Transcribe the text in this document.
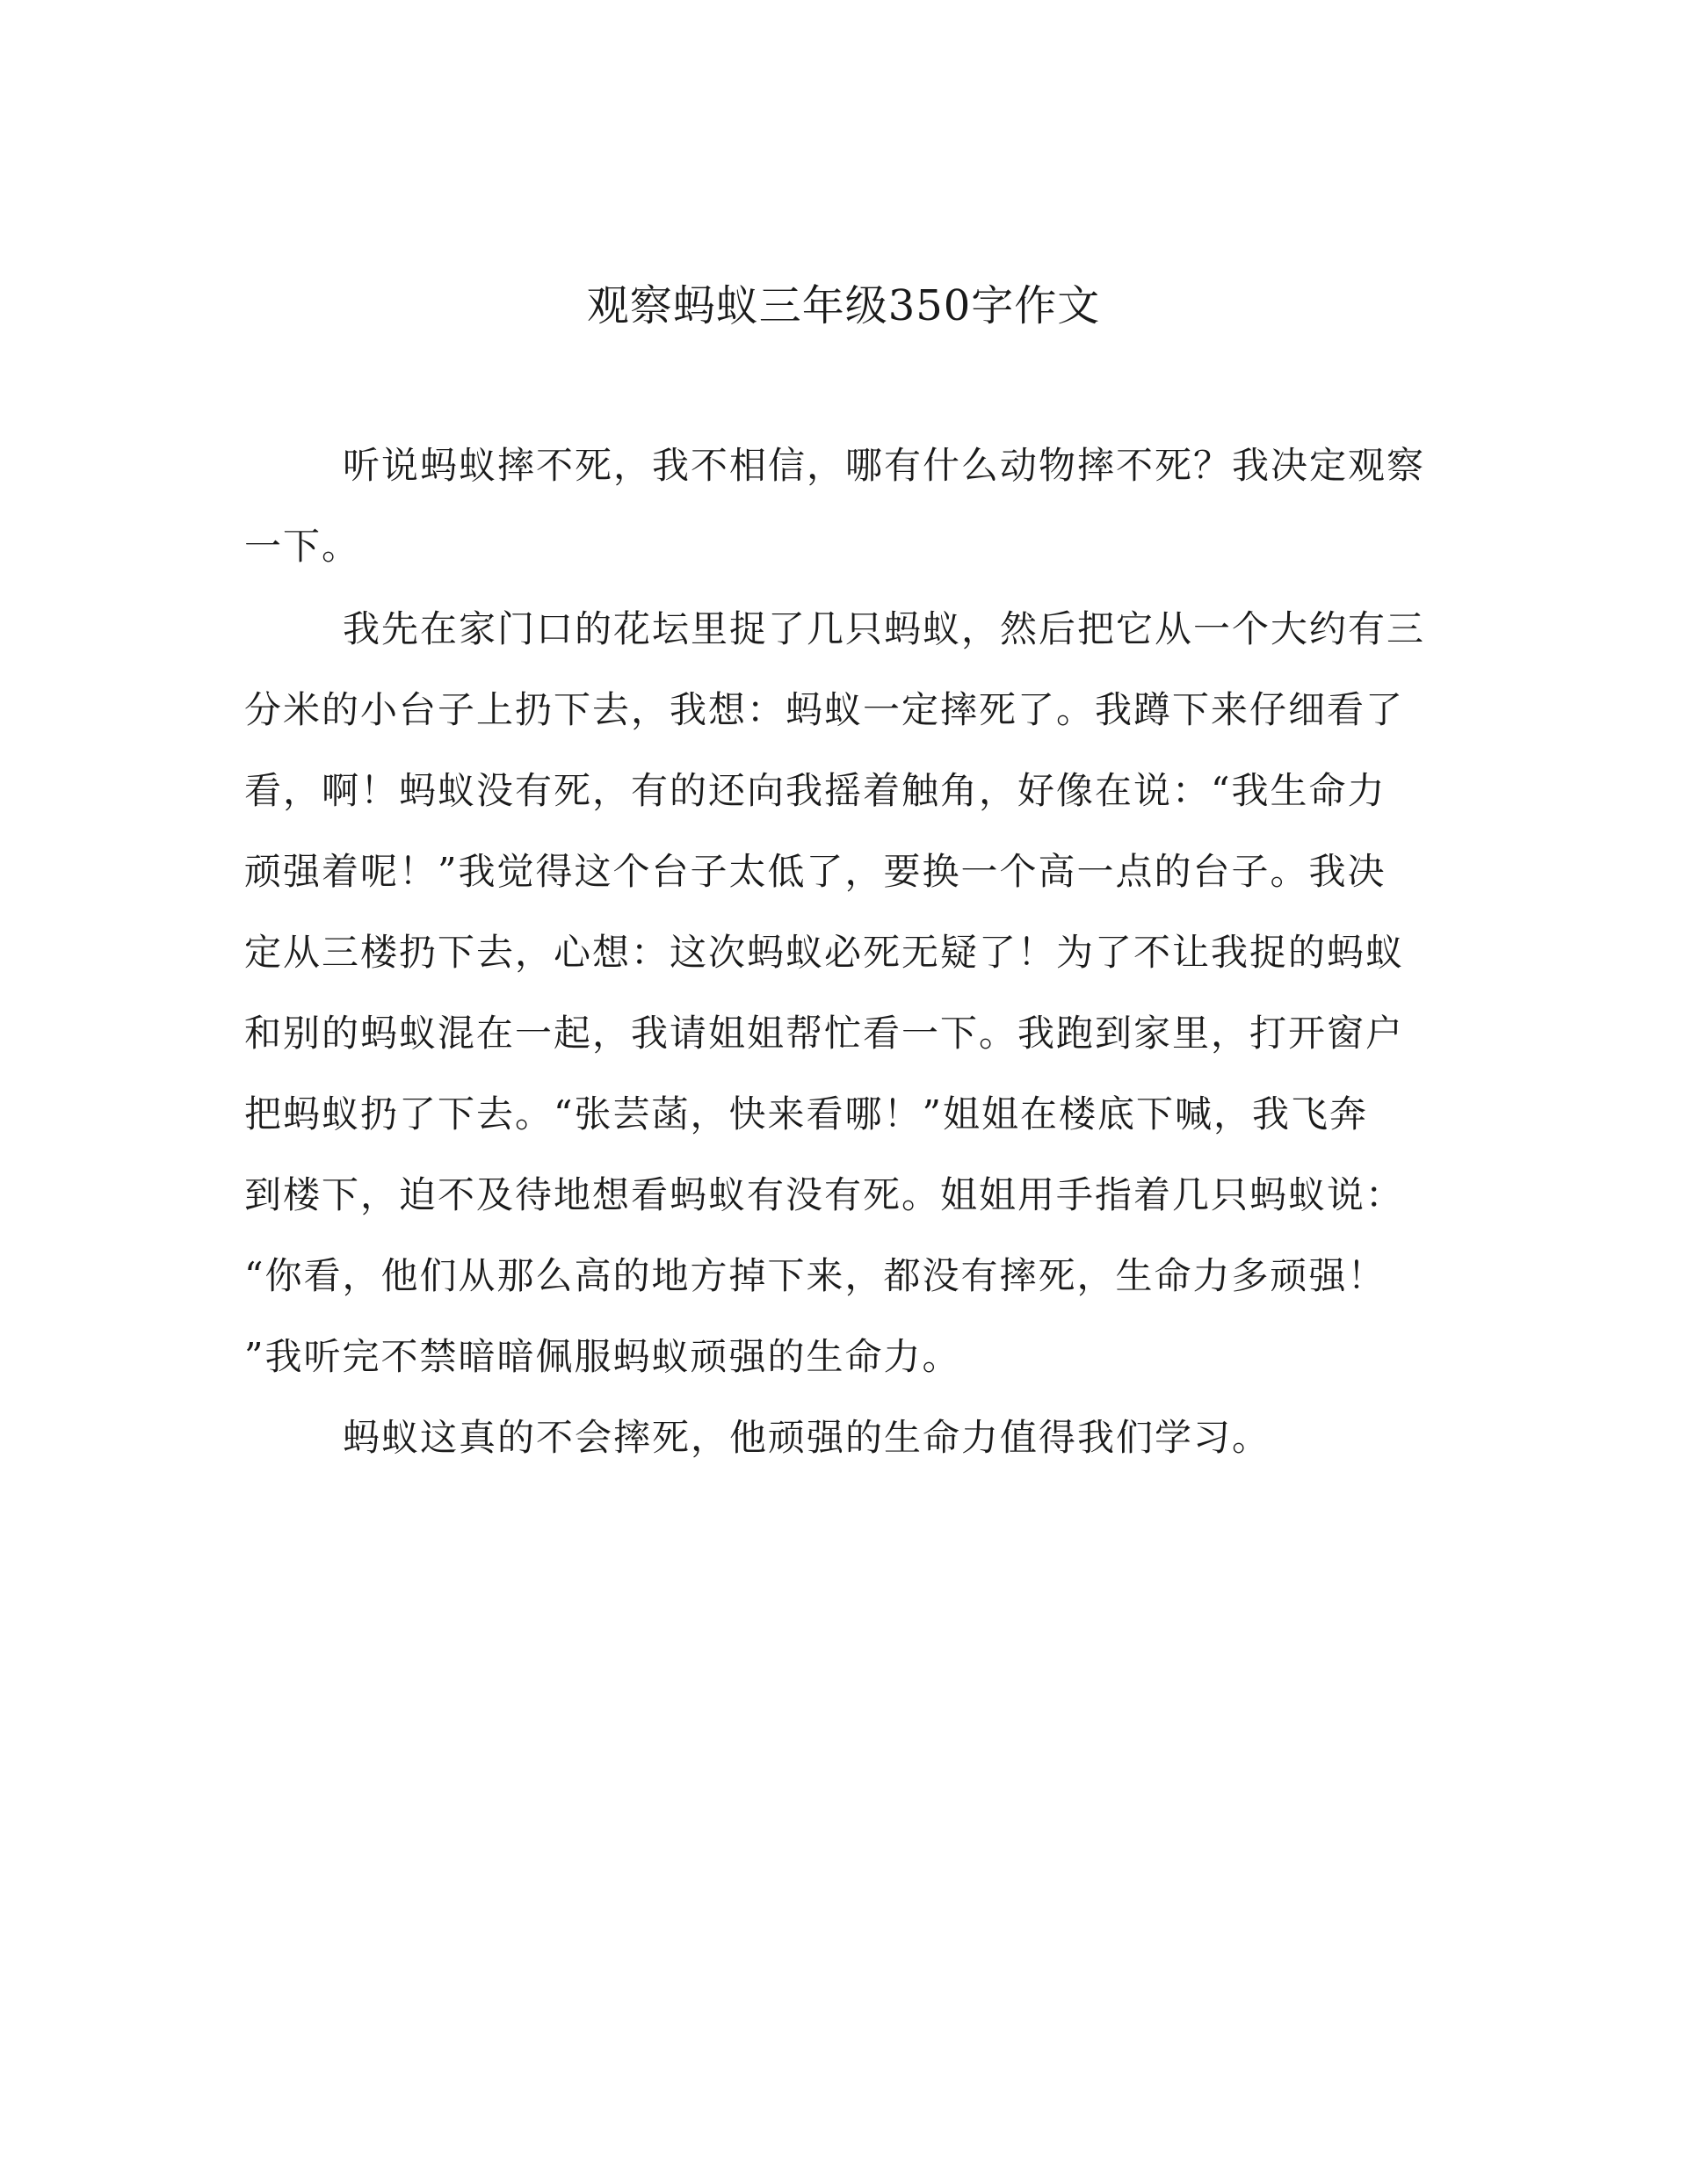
观察蚂蚁三年级350字作文
听说蚂蚁摔不死，我不相信，哪有什么动物摔不死？我决定观察
一下。
我先在家门口的花坛里捉了几只蚂蚁，然后把它从一个大约有三
分米的小台子上扔下去，我想：蚂蚁一定摔死了。我蹲下来仔细看了
看，啊！蚂蚁没有死，有的还向我摇着触角，好像在说：“我生命力
顽强着呢！”我觉得这个台子太低了，要换一个高一点的台子。我决
定从三楼扔下去，心想：这次蚂蚁必死无疑了！为了不让我捉的蚂蚁
和别的蚂蚁混在一起，我请姐姐帮忙看一下。我跑到家里，打开窗户
把蚂蚁扔了下去。“张芸菡，快来看哪！”姐姐在楼底下喊，我飞奔
到楼下，迫不及待地想看蚂蚁有没有死。姐姐用手指着几只蚂蚁说：
“你看，他们从那么高的地方掉下来，都没有摔死，生命力多顽强！
”我听完不禁暗暗佩服蚂蚁顽强的生命力。
蚂蚁这真的不会摔死，他顽强的生命力值得我们学习。
